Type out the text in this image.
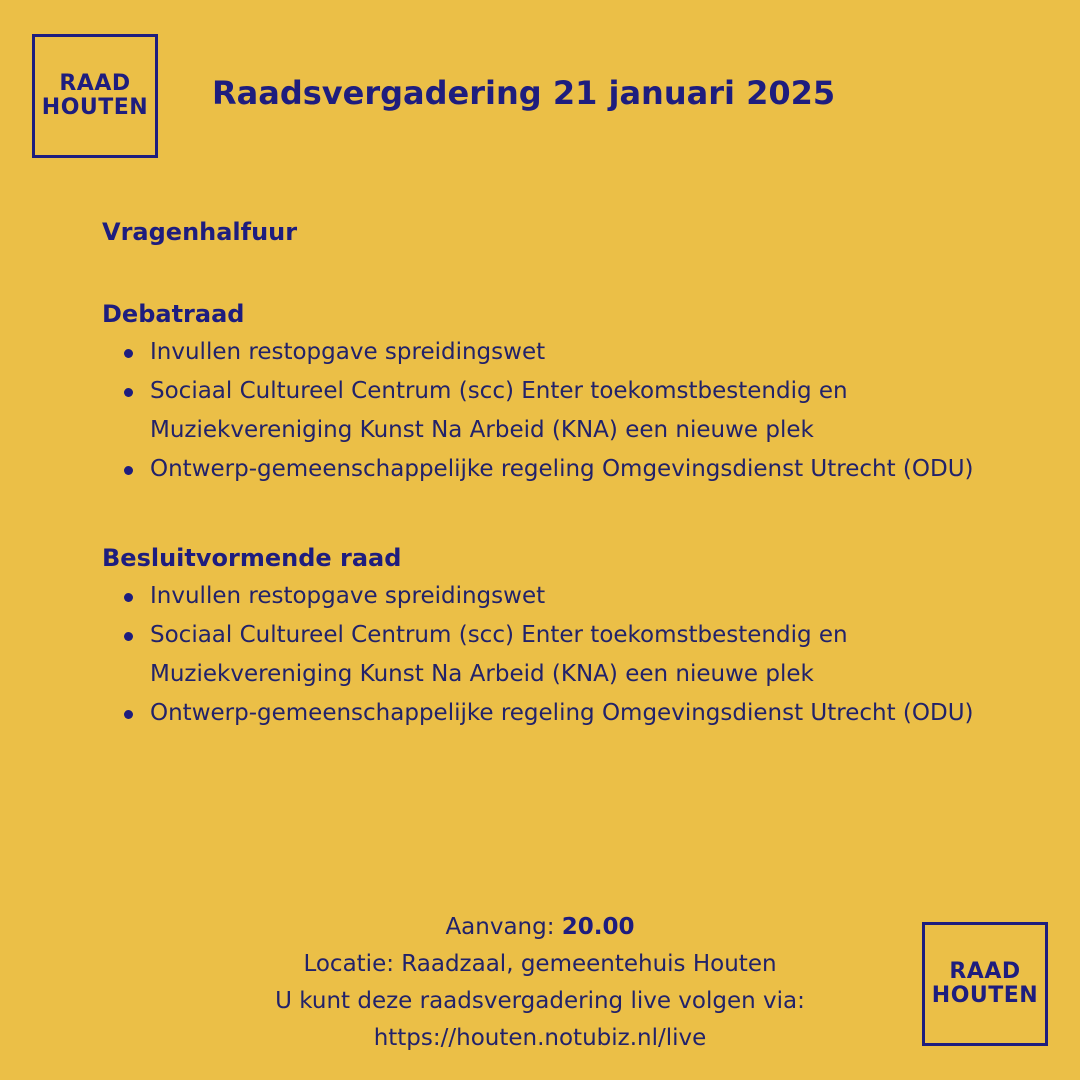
RAAD
HOUTEN Raadsvergadering 21 januari 2025
Vragenhalfuur
Debatraad
Invullen restopgave spreidingswet
Sociaal Cultureel Centrum (scc) Enter toekomstbestendig en Muziekvereniging Kunst Na Arbeid (KNA) een nieuwe plek
Ontwerp-gemeenschappelijke regeling Omgevingsdienst Utrecht (ODU)
Besluitvormende raad
Invullen restopgave spreidingswet
Sociaal Cultureel Centrum (scc) Enter toekomstbestendig en Muziekvereniging Kunst Na Arbeid (KNA) een nieuwe plek
Ontwerp-gemeenschappelijke regeling Omgevingsdienst Utrecht (ODU)
Aanvang: 20.00
Locatie: Raadzaal, gemeentehuis Houten
U kunt deze raadsvergadering live volgen via:
https://houten.notubiz.nl/live
RAAD
HOUTEN
